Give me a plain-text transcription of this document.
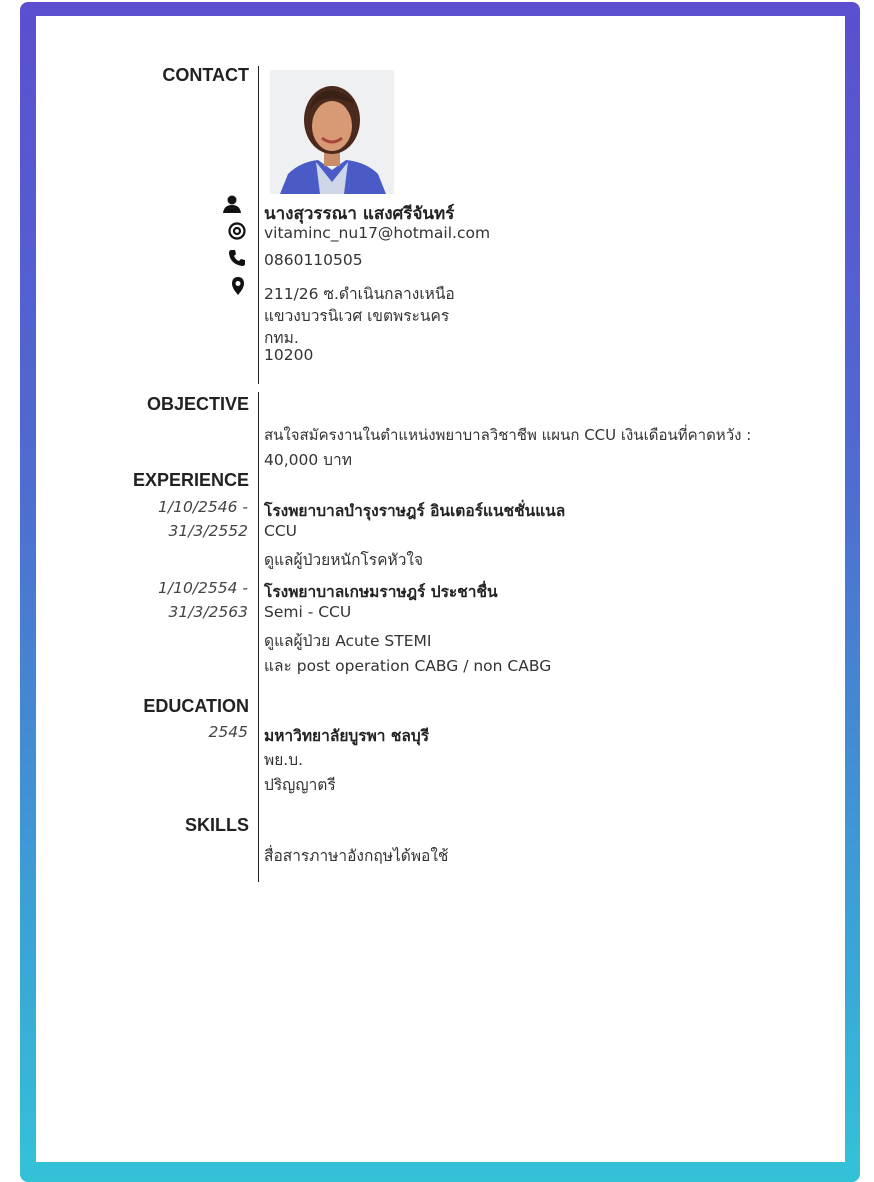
CONTACT
นางสุวรรณา แสงศรีจันทร์
vitaminc_nu17@hotmail.com
0860110505
211/26 ซ.ดำเนินกลางเหนือ
แขวงบวรนิเวศ เขตพระนคร
กทม.
10200
OBJECTIVE
สนใจสมัครงานในตำแหน่งพยาบาลวิชาชีพ แผนก CCU เงินเดือนที่คาดหวัง :
40,000 บาท
EXPERIENCE
1/10/2546 -
31/3/2552
โรงพยาบาลบำรุงราษฎร์ อินเตอร์แนชชั่นแนล
CCU
ดูแลผู้ป่วยหนักโรคหัวใจ
1/10/2554 -
31/3/2563
โรงพยาบาลเกษมราษฎร์ ประชาชื่น
Semi - CCU
ดูแลผู้ป่วย Acute STEMI
และ post operation CABG / non CABG
EDUCATION
2545 มหาวิทยาลัยบูรพา ชลบุรี
พย.บ.
ปริญญาตรี
SKILLS
สื่อสารภาษาอังกฤษได้พอใช้
